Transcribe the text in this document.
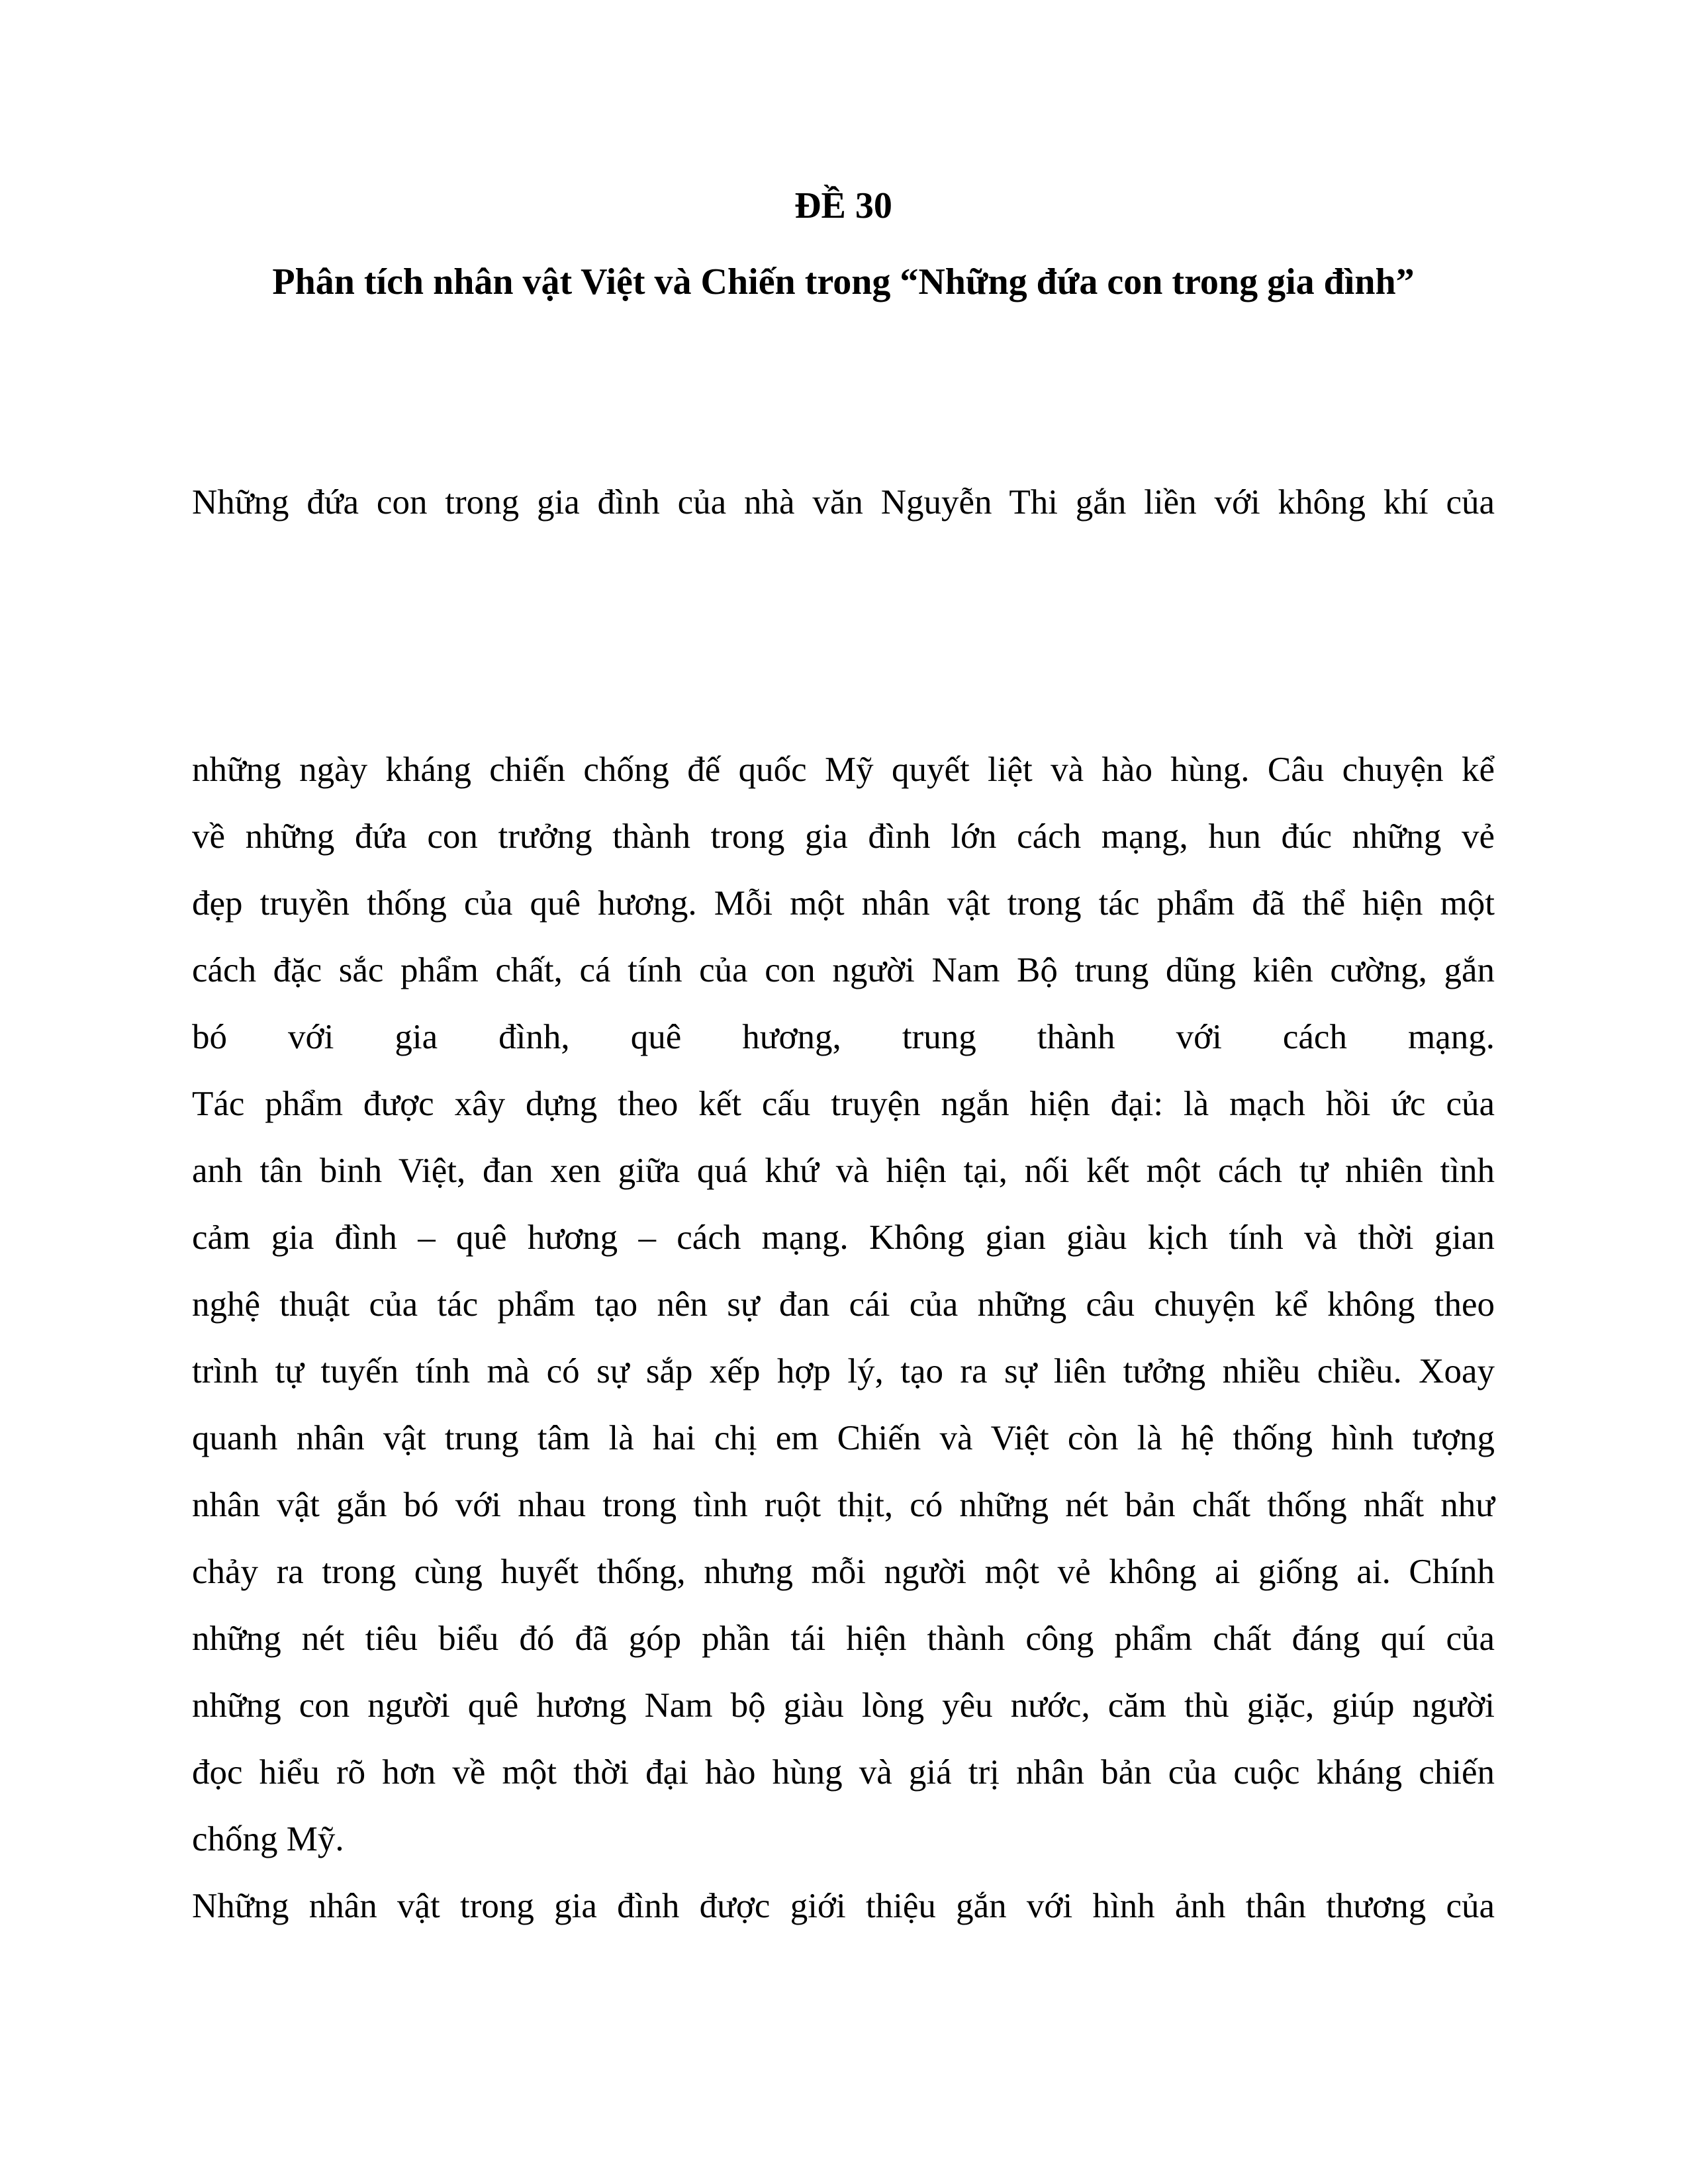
ĐỀ 30
Phân tích nhân vật Việt và Chiến trong “Những đứa con trong gia đình”
Những đứa con trong gia đình của nhà văn Nguyễn Thi gắn liền với không khí của
những ngày kháng chiến chống đế quốc Mỹ quyết liệt và hào hùng. Câu chuyện kể
về những đứa con trưởng thành trong gia đình lớn cách mạng, hun đúc những vẻ
đẹp truyền thống của quê hương. Mỗi một nhân vật trong tác phẩm đã thể hiện một
cách đặc sắc phẩm chất, cá tính của con người Nam Bộ trung dũng kiên cường, gắn
bó với gia đình, quê hương, trung thành với cách mạng.
Tác phẩm được xây dựng theo kết cấu truyện ngắn hiện đại: là mạch hồi ức của
anh tân binh Việt, đan xen giữa quá khứ và hiện tại, nối kết một cách tự nhiên tình
cảm gia đình – quê hương – cách mạng. Không gian giàu kịch tính và thời gian
nghệ thuật của tác phẩm tạo nên sự đan cái của những câu chuyện kể không theo
trình tự tuyến tính mà có sự sắp xếp hợp lý, tạo ra sự liên tưởng nhiều chiều. Xoay
quanh nhân vật trung tâm là hai chị em Chiến và Việt còn là hệ thống hình tượng
nhân vật gắn bó với nhau trong tình ruột thịt, có những nét bản chất thống nhất như
chảy ra trong cùng huyết thống, nhưng mỗi người một vẻ không ai giống ai. Chính
những nét tiêu biểu đó đã góp phần tái hiện thành công phẩm chất đáng quí của
những con người quê hương Nam bộ giàu lòng yêu nước, căm thù giặc, giúp người
đọc hiểu rõ hơn về một thời đại hào hùng và giá trị nhân bản của cuộc kháng chiến
chống Mỹ.
Những nhân vật trong gia đình được giới thiệu gắn với hình ảnh thân thương của
